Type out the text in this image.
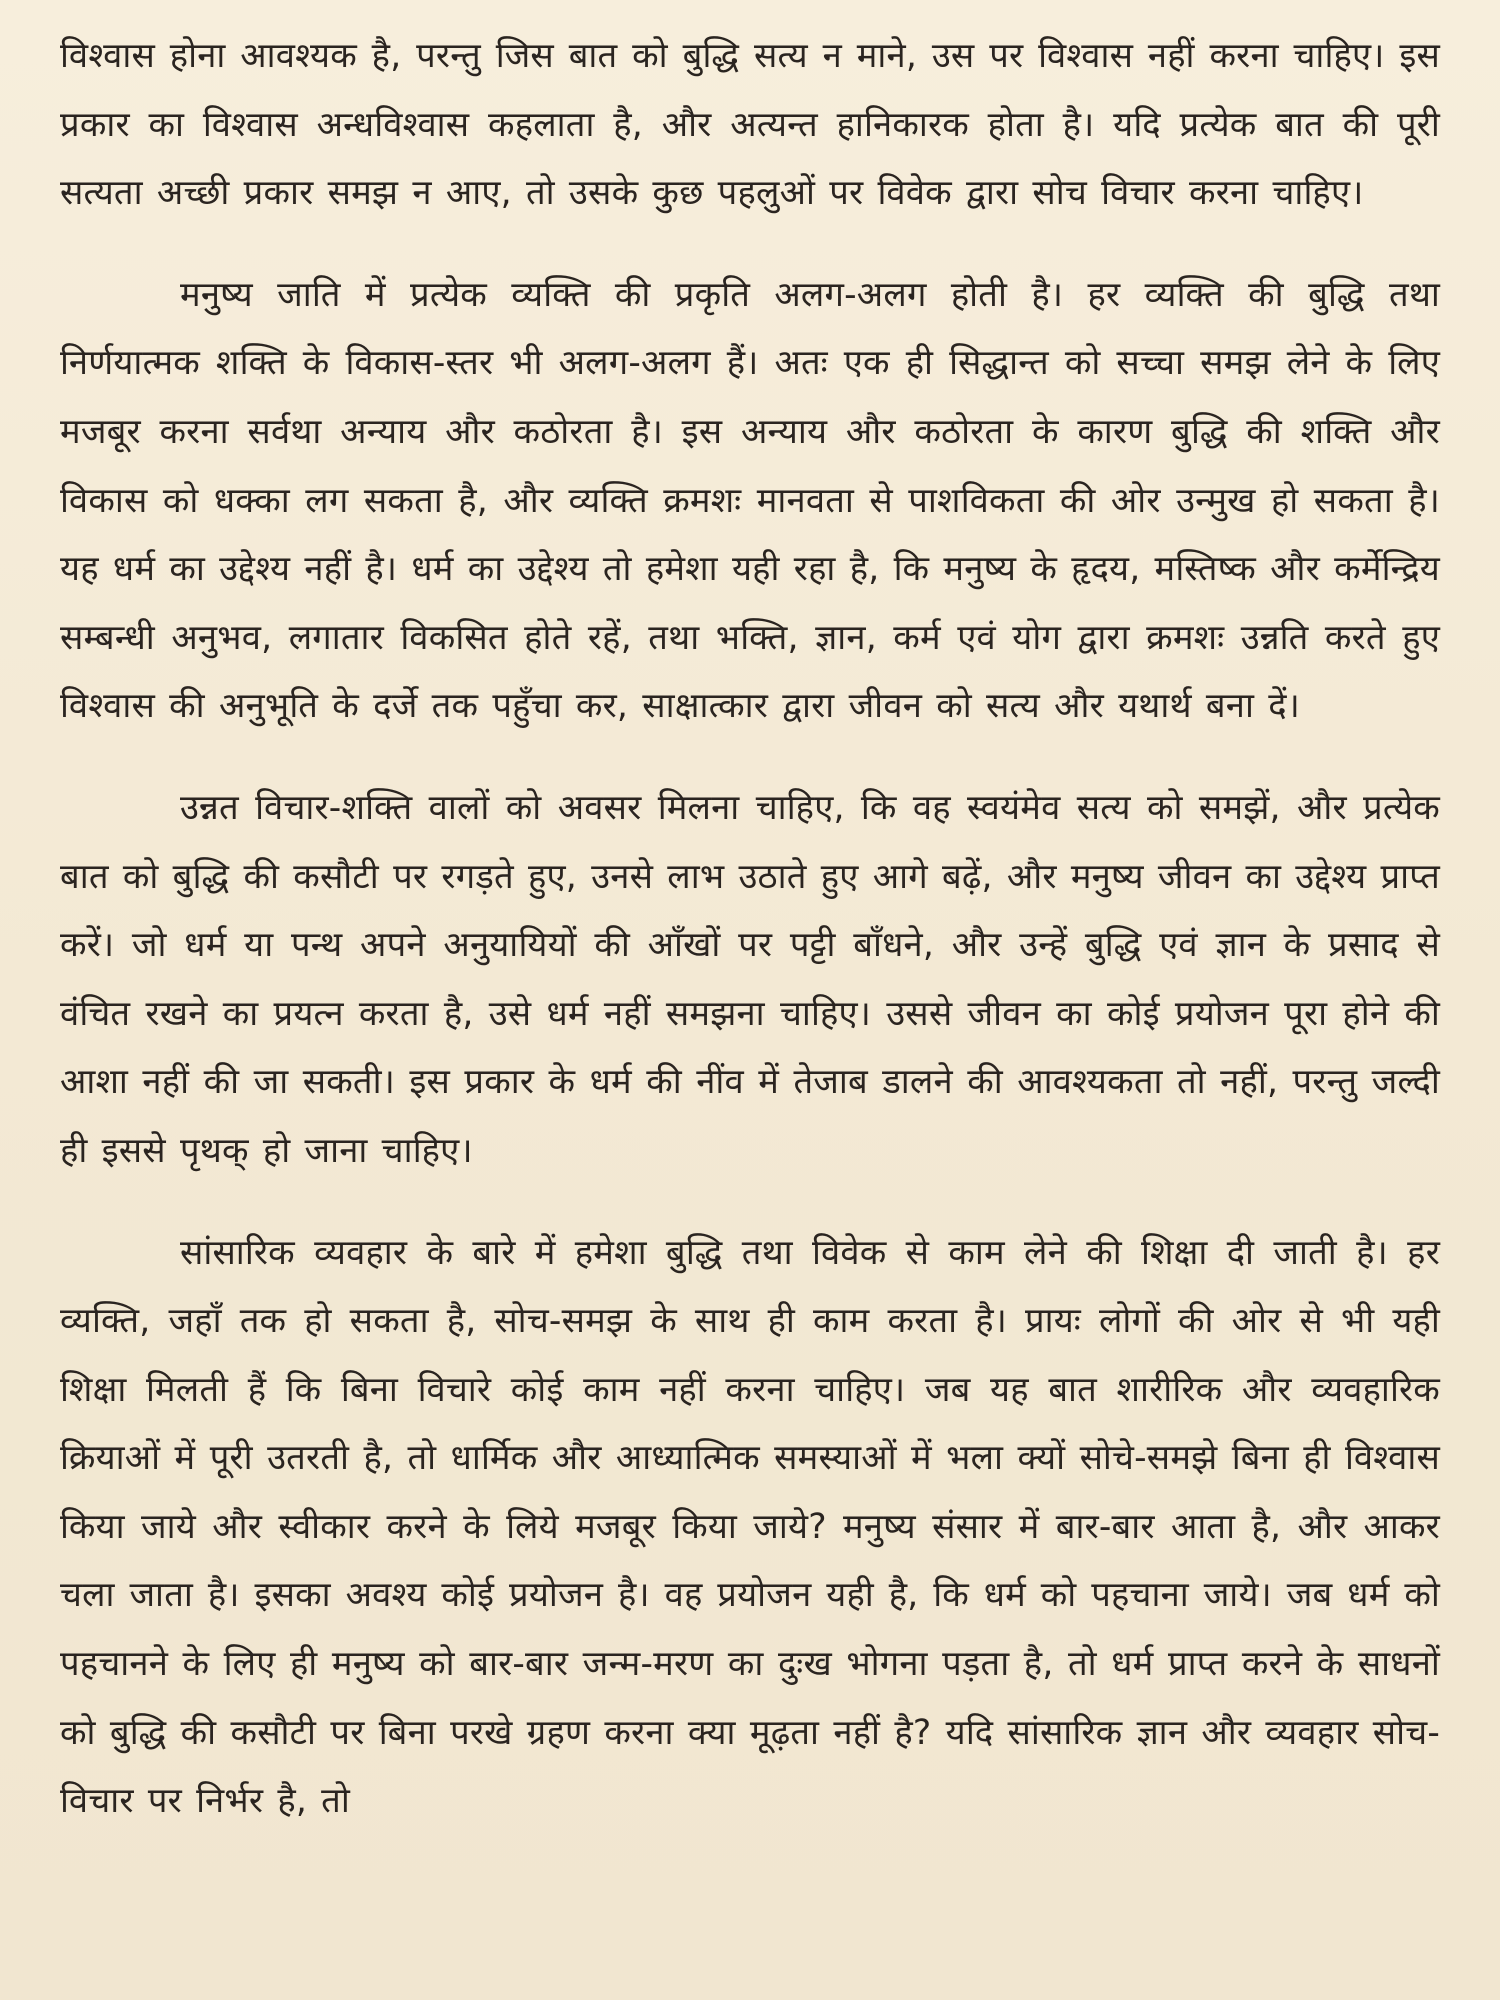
विश्वास होना आवश्यक है, परन्तु जिस बात को बुद्धि सत्य न माने, उस पर विश्वास नहीं करना चाहिए। इस प्रकार का विश्वास अन्धविश्वास कहलाता है, और अत्यन्त हानिकारक होता है। यदि प्रत्येक बात की पूरी सत्यता अच्छी प्रकार समझ न आए, तो उसके कुछ पहलुओं पर विवेक द्वारा सोच विचार करना चाहिए।

मनुष्य जाति में प्रत्येक व्यक्ति की प्रकृति अलग-अलग होती है। हर व्यक्ति की बुद्धि तथा निर्णयात्मक शक्ति के विकास-स्तर भी अलग-अलग हैं। अतः एक ही सिद्धान्त को सच्चा समझ लेने के लिए मजबूर करना सर्वथा अन्याय और कठोरता है। इस अन्याय और कठोरता के कारण बुद्धि की शक्ति और विकास को धक्का लग सकता है, और व्यक्ति क्रमशः मानवता से पाशविकता की ओर उन्मुख हो सकता है। यह धर्म का उद्देश्य नहीं है। धर्म का उद्देश्य तो हमेशा यही रहा है, कि मनुष्य के हृदय, मस्तिष्क और कर्मेन्द्रिय सम्बन्धी अनुभव, लगातार विकसित होते रहें, तथा भक्ति, ज्ञान, कर्म एवं योग द्वारा क्रमशः उन्नति करते हुए विश्वास की अनुभूति के दर्जे तक पहुँचा कर, साक्षात्कार द्वारा जीवन को सत्य और यथार्थ बना दें।

उन्नत विचार-शक्ति वालों को अवसर मिलना चाहिए, कि वह स्वयंमेव सत्य को समझें, और प्रत्येक बात को बुद्धि की कसौटी पर रगड़ते हुए, उनसे लाभ उठाते हुए आगे बढ़ें, और मनुष्य जीवन का उद्देश्य प्राप्त करें। जो धर्म या पन्थ अपने अनुयायियों की आँखों पर पट्टी बाँधने, और उन्हें बुद्धि एवं ज्ञान के प्रसाद से वंचित रखने का प्रयत्न करता है, उसे धर्म नहीं समझना चाहिए। उससे जीवन का कोई प्रयोजन पूरा होने की आशा नहीं की जा सकती। इस प्रकार के धर्म की नींव में तेजाब डालने की आवश्यकता तो नहीं, परन्तु जल्दी ही इससे पृथक् हो जाना चाहिए।

सांसारिक व्यवहार के बारे में हमेशा बुद्धि तथा विवेक से काम लेने की शिक्षा दी जाती है। हर व्यक्ति, जहाँ तक हो सकता है, सोच-समझ के साथ ही काम करता है। प्रायः लोगों की ओर से भी यही शिक्षा मिलती हैं कि बिना विचारे कोई काम नहीं करना चाहिए। जब यह बात शारीरिक और व्यवहारिक क्रियाओं में पूरी उतरती है, तो धार्मिक और आध्यात्मिक समस्याओं में भला क्यों सोचे-समझे बिना ही विश्वास किया जाये और स्वीकार करने के लिये मजबूर किया जाये? मनुष्य संसार में बार-बार आता है, और आकर चला जाता है। इसका अवश्य कोई प्रयोजन है। वह प्रयोजन यही है, कि धर्म को पहचाना जाये। जब धर्म को पहचानने के लिए ही मनुष्य को बार-बार जन्म-मरण का दुःख भोगना पड़ता है, तो धर्म प्राप्त करने के साधनों को बुद्धि की कसौटी पर बिना परखे ग्रहण करना क्या मूढ़ता नहीं है? यदि सांसारिक ज्ञान और व्यवहार सोच-विचार पर निर्भर है, तो
